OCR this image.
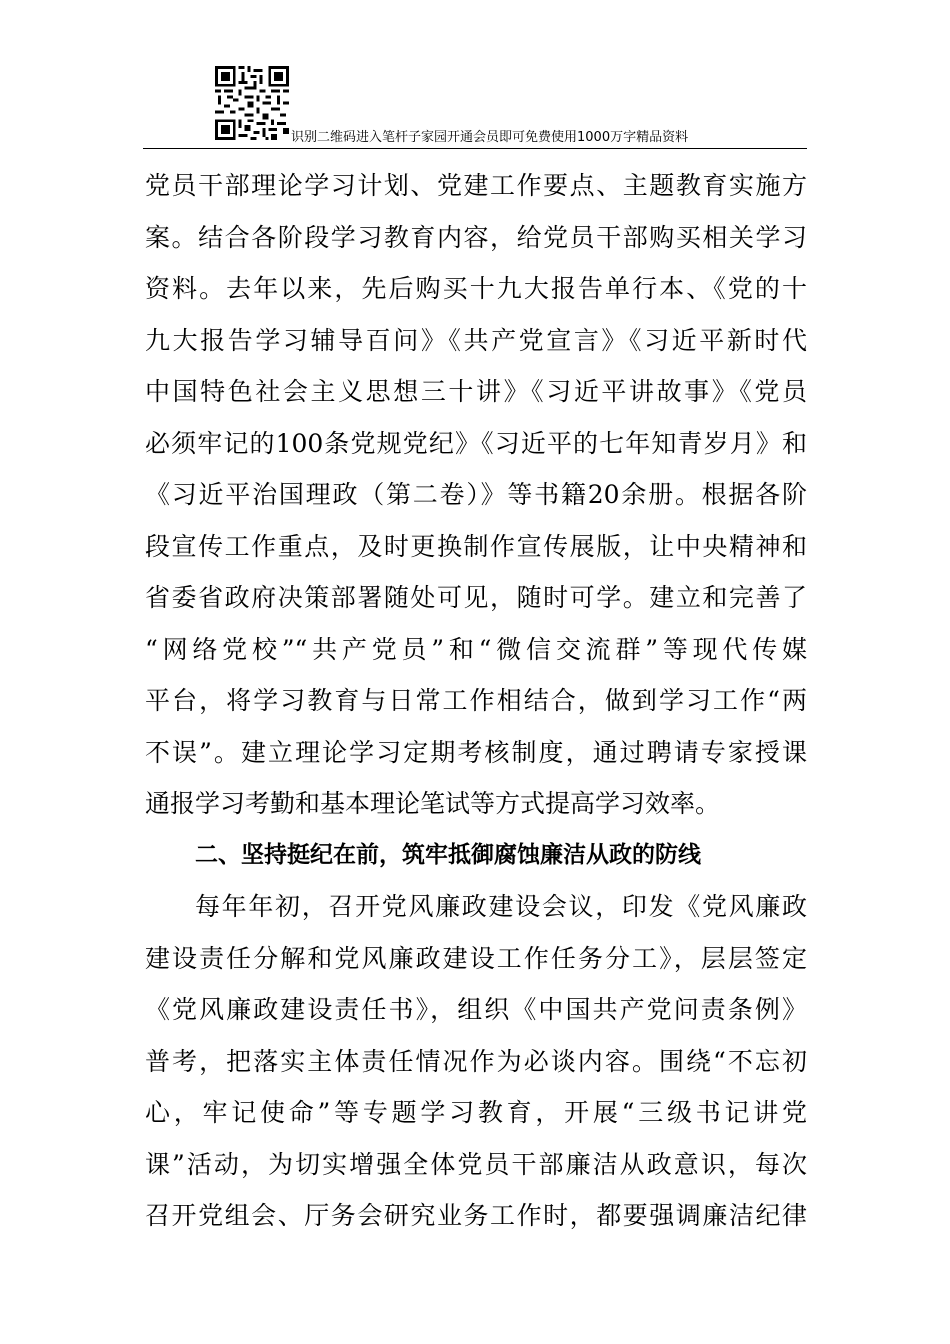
识别二维码进入笔杆子家园开通会员即可免费使用1000万字精品资料
党员干部理论学习计划、党建工作要点、主题教育实施方
案。结合各阶段学习教育内容，给党员干部购买相关学习
资料。去年以来，先后购买十九大报告单行本、《党的十
九大报告学习辅导百问》《共产党宣言》《习近平新时代
中国特色社会主义思想三十讲》《习近平讲故事》《党员
必须牢记的100条党规党纪》《习近平的七年知青岁月》和
《习近平治国理政（第二卷）》等书籍20余册。根据各阶
段宣传工作重点，及时更换制作宣传展版，让中央精神和
省委省政府决策部署随处可见，随时可学。建立和完善了
“网络党校”“共产党员”和“微信交流群”等现代传媒
平台，将学习教育与日常工作相结合，做到学习工作“两
不误”。建立理论学习定期考核制度，通过聘请专家授课
通报学习考勤和基本理论笔试等方式提高学习效率。
二、坚持挺纪在前，筑牢抵御腐蚀廉洁从政的防线
每年年初，召开党风廉政建设会议，印发《党风廉政
建设责任分解和党风廉政建设工作任务分工》，层层签定
《党风廉政建设责任书》，组织《中国共产党问责条例》
普考，把落实主体责任情况作为必谈内容。围绕“不忘初
心，牢记使命”等专题学习教育，开展“三级书记讲党
课”活动，为切实增强全体党员干部廉洁从政意识，每次
召开党组会、厅务会研究业务工作时，都要强调廉洁纪律
